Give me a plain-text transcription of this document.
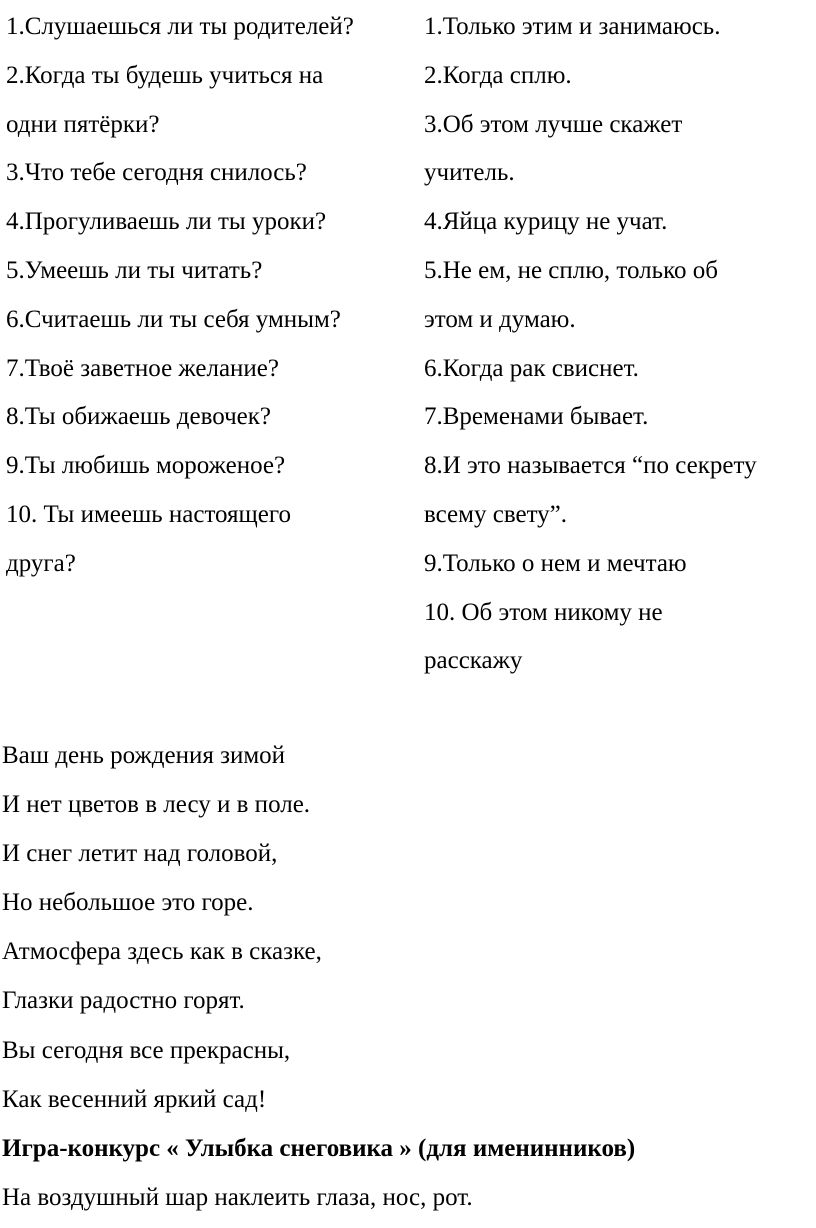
1.Слушаешься ли ты родителей?
2.Когда ты будешь учиться на
одни пятёрки?
3.Что тебе сегодня снилось?
4.Прогуливаешь ли ты уроки?
5.Умеешь ли ты читать?
6.Считаешь ли ты себя умным?
7.Твоё заветное желание?
8.Ты обижаешь девочек?
9.Ты любишь мороженое?
10. Ты имеешь настоящего
друга?
1.Только этим и занимаюсь.
2.Когда сплю.
3.Об этом лучше скажет
учитель.
4.Яйца курицу не учат.
5.Не ем, не сплю, только об
этом и думаю.
6.Когда рак свиснет.
7.Временами бывает.
8.И это называется “по секрету
всему свету”.
9.Только о нем и мечтаю
10. Об этом никому не
расскажу
Ваш день рождения зимой
И нет цветов в лесу и в поле.
И снег летит над головой,
Но небольшое это горе.
Атмосфера здесь как в сказке,
Глазки радостно горят.
Вы сегодня все прекрасны,
Как весенний яркий сад!
Игра-конкурс « Улыбка снеговика » (для именинников)
На воздушный шар наклеить глаза, нос, рот.
